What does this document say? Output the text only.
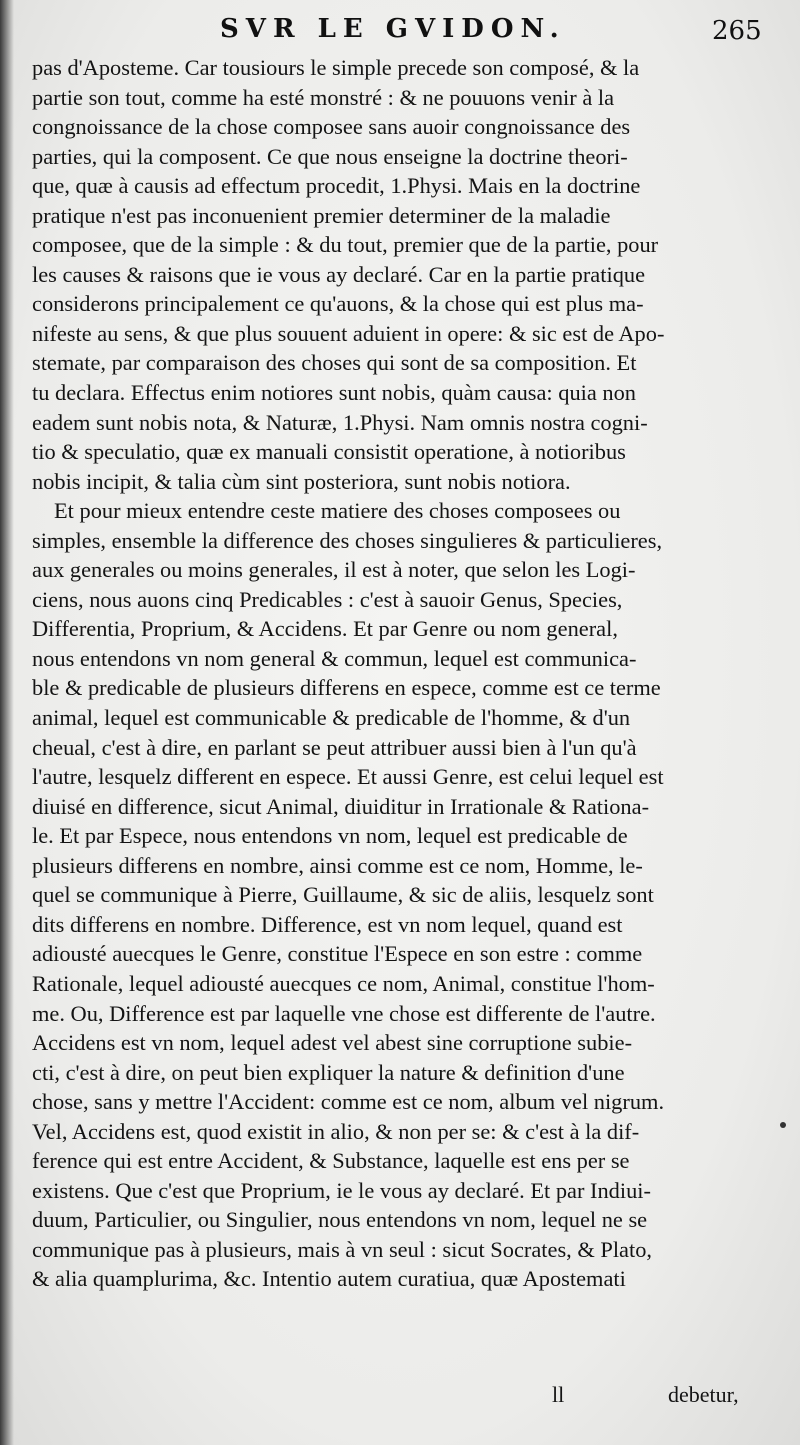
SVR LE GVIDON.	265
pas d'Aposteme. Car tousiours le simple precede son composé, & la
partie son tout, comme ha esté monstré : & ne pouuons venir à la
congnoissance de la chose composee sans auoir congnoissance des
parties, qui la composent. Ce que nous enseigne la doctrine theori-
que, quæ à causis ad effectum procedit, 1.Physi. Mais en la doctrine
pratique n'est pas inconuenient premier determiner de la maladie
composee, que de la simple : & du tout, premier que de la partie, pour
les causes & raisons que ie vous ay declaré. Car en la partie pratique
considerons principalement ce qu'auons, & la chose qui est plus ma-
nifeste au sens, & que plus souuent aduient in opere: & sic est de Apo-
stemate, par comparaison des choses qui sont de sa composition. Et
tu declara. Effectus enim notiores sunt nobis, quàm causa: quia non
eadem sunt nobis nota, & Naturæ, 1.Physi. Nam omnis nostra cogni-
tio & speculatio, quæ ex manuali consistit operatione, à notioribus
nobis incipit, & talia cùm sint posteriora, sunt nobis notiora.
Et pour mieux entendre ceste matiere des choses composees ou
simples, ensemble la difference des choses singulieres & particulieres,
aux generales ou moins generales, il est à noter, que selon les Logi-
ciens, nous auons cinq Predicables : c'est à sauoir Genus, Species,
Differentia, Proprium, & Accidens. Et par Genre ou nom general,
nous entendons vn nom general & commun, lequel est communica-
ble & predicable de plusieurs differens en espece, comme est ce terme
animal, lequel est communicable & predicable de l'homme, & d'un
cheual, c'est à dire, en parlant se peut attribuer aussi bien à l'un qu'à
l'autre, lesquelz different en espece. Et aussi Genre, est celui lequel est
diuisé en difference, sicut Animal, diuiditur in Irrationale & Rationa-
le. Et par Espece, nous entendons vn nom, lequel est predicable de
plusieurs differens en nombre, ainsi comme est ce nom, Homme, le-
quel se communique à Pierre, Guillaume, & sic de aliis, lesquelz sont
dits differens en nombre. Difference, est vn nom lequel, quand est
adiousté auecques le Genre, constitue l'Espece en son estre : comme
Rationale, lequel adiousté auecques ce nom, Animal, constitue l'hom-
me. Ou, Difference est par laquelle vne chose est differente de l'autre.
Accidens est vn nom, lequel adest vel abest sine corruptione subie-
cti, c'est à dire, on peut bien expliquer la nature & definition d'une
chose, sans y mettre l'Accident: comme est ce nom, album vel nigrum.
Vel, Accidens est, quod existit in alio, & non per se: & c'est à la dif-
ference qui est entre Accident, & Substance, laquelle est ens per se
existens. Que c'est que Proprium, ie le vous ay declaré. Et par Indiui-
duum, Particulier, ou Singulier, nous entendons vn nom, lequel ne se
communique pas à plusieurs, mais à vn seul : sicut Socrates, & Plato,
& alia quamplurima, &c. Intentio autem curatiua, quæ Apostemati
ll	debetur,
